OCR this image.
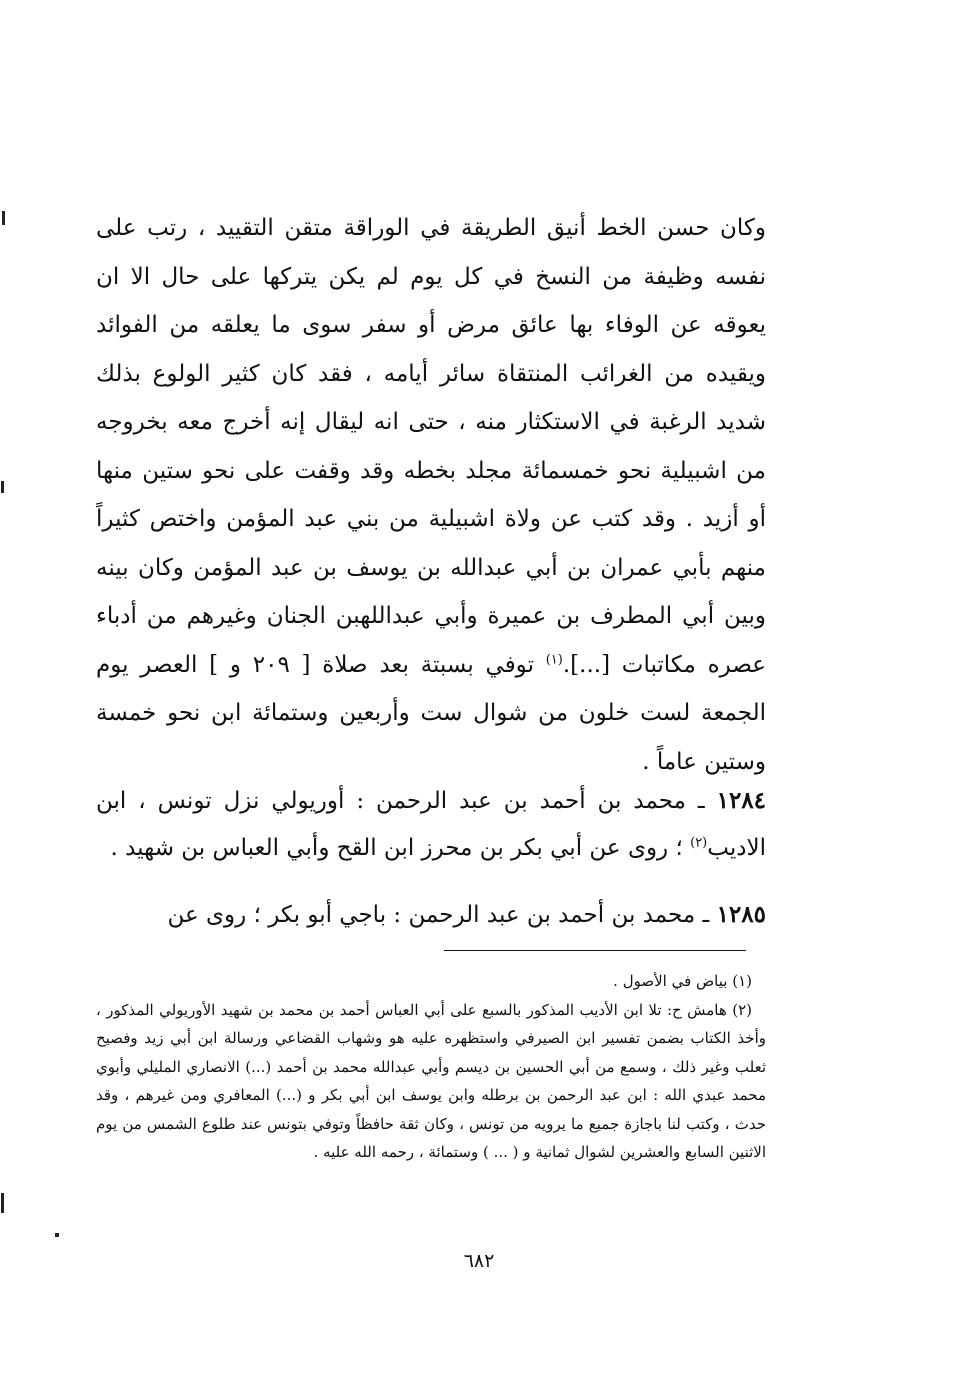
وكان حسن الخط أنيق الطريقة في الوراقة متقن التقييد ، رتب على نفسه وظيفة من النسخ في كل يوم لم يكن يتركها على حال الا ان يعوقه عن الوفاء بها عائق مرض أو سفر سوى ما يعلقه من الفوائد ويقيده من الغرائب المنتقاة سائر أيامه ، فقد كان كثير الولوع بذلك شديد الرغبة في الاستكثار منه ، حتى انه ليقال إنه أخرج معه بخروجه من اشبيلية نحو خمسمائة مجلد بخطه وقد وقفت على نحو ستين منها أو أزيد . وقد كتب عن ولاة اشبيلية من بني عبد المؤمن واختص كثيراً منهم بأبي عمران بن أبي عبدالله بن يوسف بن عبد المؤمن وكان بينه وبين أبي المطرف بن عميرة وأبي عبداللهبن الجنان وغيرهم من أدباء عصره مكاتبات [...].$^{(١)}$ توفي بسبتة بعد صلاة [ ٢٠٩ و ] العصر يوم الجمعة لست خلون من شوال ست وأربعين وستمائة ابن نحو خمسة وستين عاماً .
١٢٨٤ ـ محمد بن أحمد بن عبد الرحمن : أوريولي نزل تونس ، ابن الاديب$^{(٢)}$ ؛ روى عن أبي بكر بن محرز ابن القح وأبي العباس بن شهيد .
١٢٨٥ ـ محمد بن أحمد بن عبد الرحمن : باجي أبو بكر ؛ روى عن

(١) بياض في الأصول .

(٢) هامش ح: تلا ابن الأديب المذكور بالسبع على أبي العباس أحمد بن محمد بن شهيد الأوريولي المذكور ، وأخذ الكتاب بضمن تفسير ابن الصيرفي واستظهره عليه هو وشهاب القضاعي ورسالة ابن أبي زيد وفصيح ثعلب وغير ذلك ، وسمع من أبي الحسين بن ديسم وأبي عبدالله محمد بن أحمد (...) الانصاري المليلي وأبوي محمد عبدي الله : ابن عبد الرحمن بن برطله وابن يوسف ابن أبي بكر و (...) المعافري ومن غيرهم ، وقد حدث ، وكتب لنا باجازة جميع ما يرويه من تونس ، وكان ثقة حافظاً وتوفي بتونس عند طلوع الشمس من يوم الاثنين السابع والعشرين لشوال ثمانية و ( ... ) وستمائة ، رحمه الله عليه .

٦٨٢
